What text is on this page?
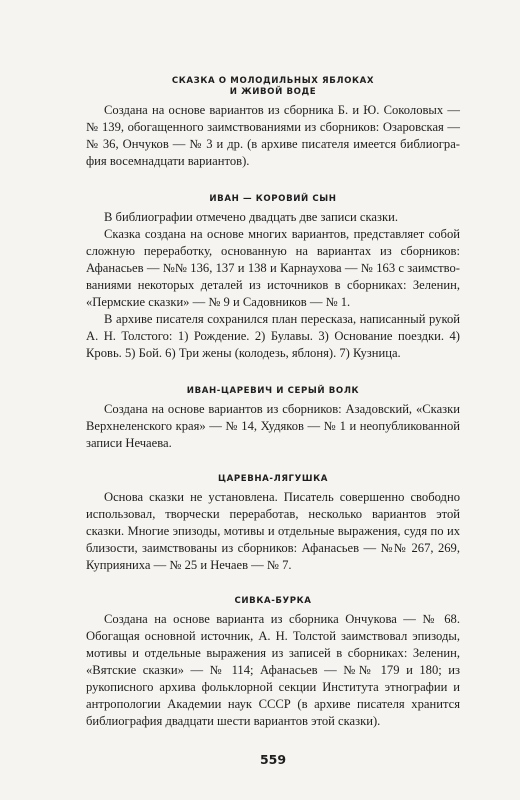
СКАЗКА О МОЛОДИЛЬНЫХ ЯБЛОКАХ
И ЖИВОЙ ВОДЕ

Создана на основе вариантов из сборника Б. и Ю. Соколовых — № 139, обогащенного заимствованиями из сборников: Озаровская — № 36, Ончуков — № 3 и др. (в архиве писателя имеется библиография восемнадцати вариантов).

ИВАН — КОРОВИЙ СЫН

В библиографии отмечено двадцать две записи сказки.

Сказка создана на основе многих вариантов, представляет собой сложную переработку, основанную на вариантах из сборников: Афанасьев — №№ 136, 137 и 138 и Карнаухова — № 163 с заимствованиями некоторых деталей из источников в сборниках: Зеленин, «Пермские сказки» — № 9 и Садовников — № 1.

В архиве писателя сохранился план пересказа, написанный рукой А. Н. Толстого: 1) Рождение. 2) Булавы. 3) Основание поездки. 4) Кровь. 5) Бой. 6) Три жены (колодезь, яблоня). 7) Кузница.

ИВАН-ЦАРЕВИЧ И СЕРЫЙ ВОЛК

Создана на основе вариантов из сборников: Азадовский, «Сказки Верхнеленского края» — № 14, Худяков — № 1 и неопубликованной записи Нечаева.

ЦАРЕВНА-ЛЯГУШКА

Основа сказки не установлена. Писатель совершенно свободно использовал, творчески переработав, несколько вариантов этой сказки. Многие эпизоды, мотивы и отдельные выражения, судя по их близости, заимствованы из сборников: Афанасьев — №№ 267, 269, Куприяниха — № 25 и Нечаев — № 7.

СИВКА-БУРКА

Создана на основе варианта из сборника Ончукова — № 68. Обогащая основной источник, А. Н. Толстой заимствовал эпизоды, мотивы и отдельные выражения из записей в сборниках: Зеленин, «Вятские сказки» — № 114; Афанасьев — №№ 179 и 180; из рукописного архива фольклорной секции Института этнографии и антропологии Академии наук СССР (в архиве писателя хранится библиография двадцати шести вариантов этой сказки).

559
